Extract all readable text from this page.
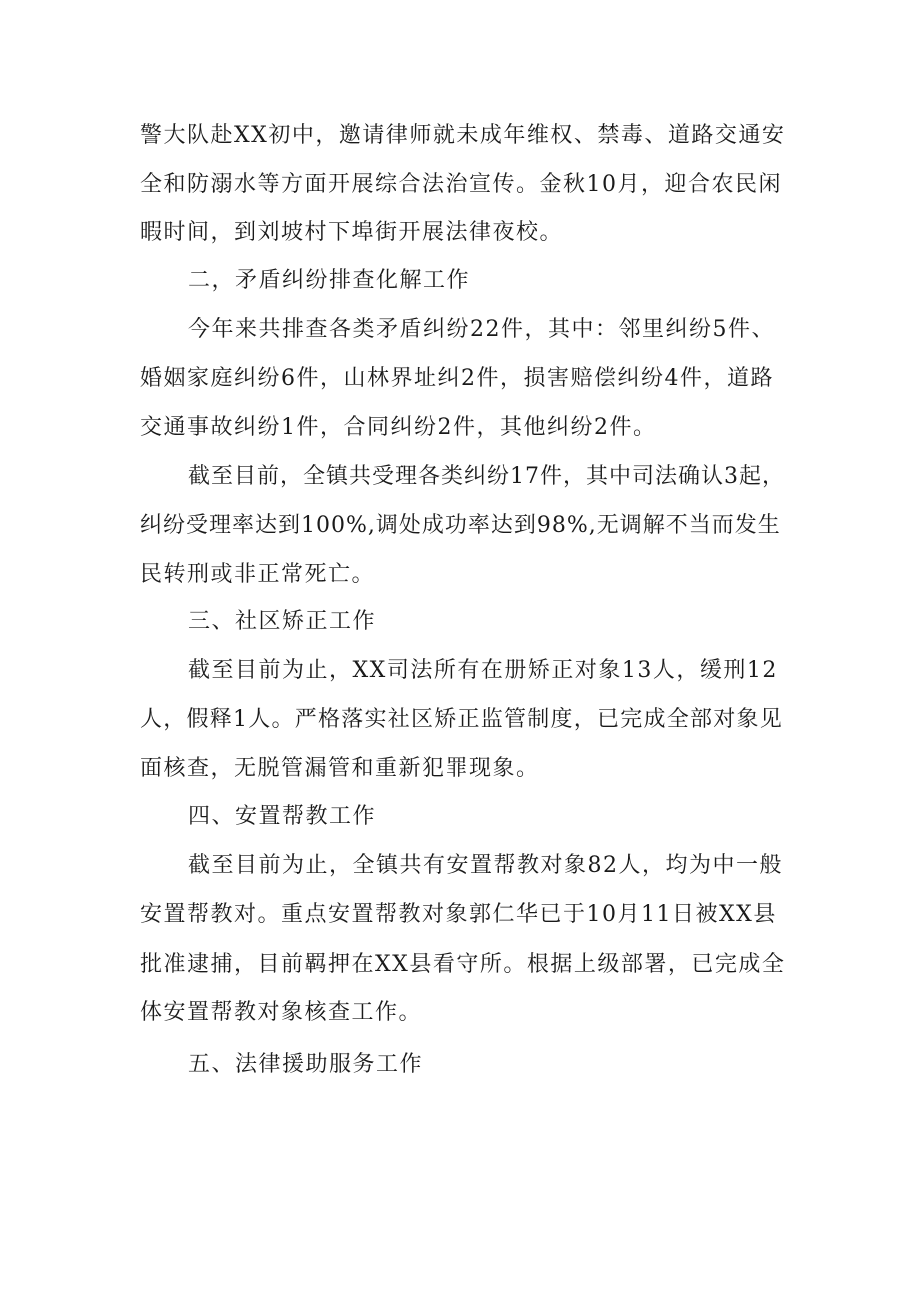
警大队赴XX初中，邀请律师就未成年维权、禁毒、道路交通安
全和防溺水等方面开展综合法治宣传。金秋10月，迎合农民闲
暇时间，到刘坡村下埠街开展法律夜校。
二，矛盾纠纷排查化解工作
今年来共排查各类矛盾纠纷22件，其中：邻里纠纷5件、
婚姻家庭纠纷6件，山林界址纠2件，损害赔偿纠纷4件，道路
交通事故纠纷1件，合同纠纷2件，其他纠纷2件。
截至目前，全镇共受理各类纠纷17件，其中司法确认3起，
纠纷受理率达到100%,调处成功率达到98%,无调解不当而发生
民转刑或非正常死亡。
三、社区矫正工作
截至目前为止，XX司法所有在册矫正对象13人，缓刑12
人，假释1人。严格落实社区矫正监管制度，已完成全部对象见
面核查，无脱管漏管和重新犯罪现象。
四、安置帮教工作
截至目前为止，全镇共有安置帮教对象82人，均为中一般
安置帮教对。重点安置帮教对象郭仁华已于10月11日被XX县
批准逮捕，目前羁押在XX县看守所。根据上级部署，已完成全
体安置帮教对象核查工作。
五、法律援助服务工作
